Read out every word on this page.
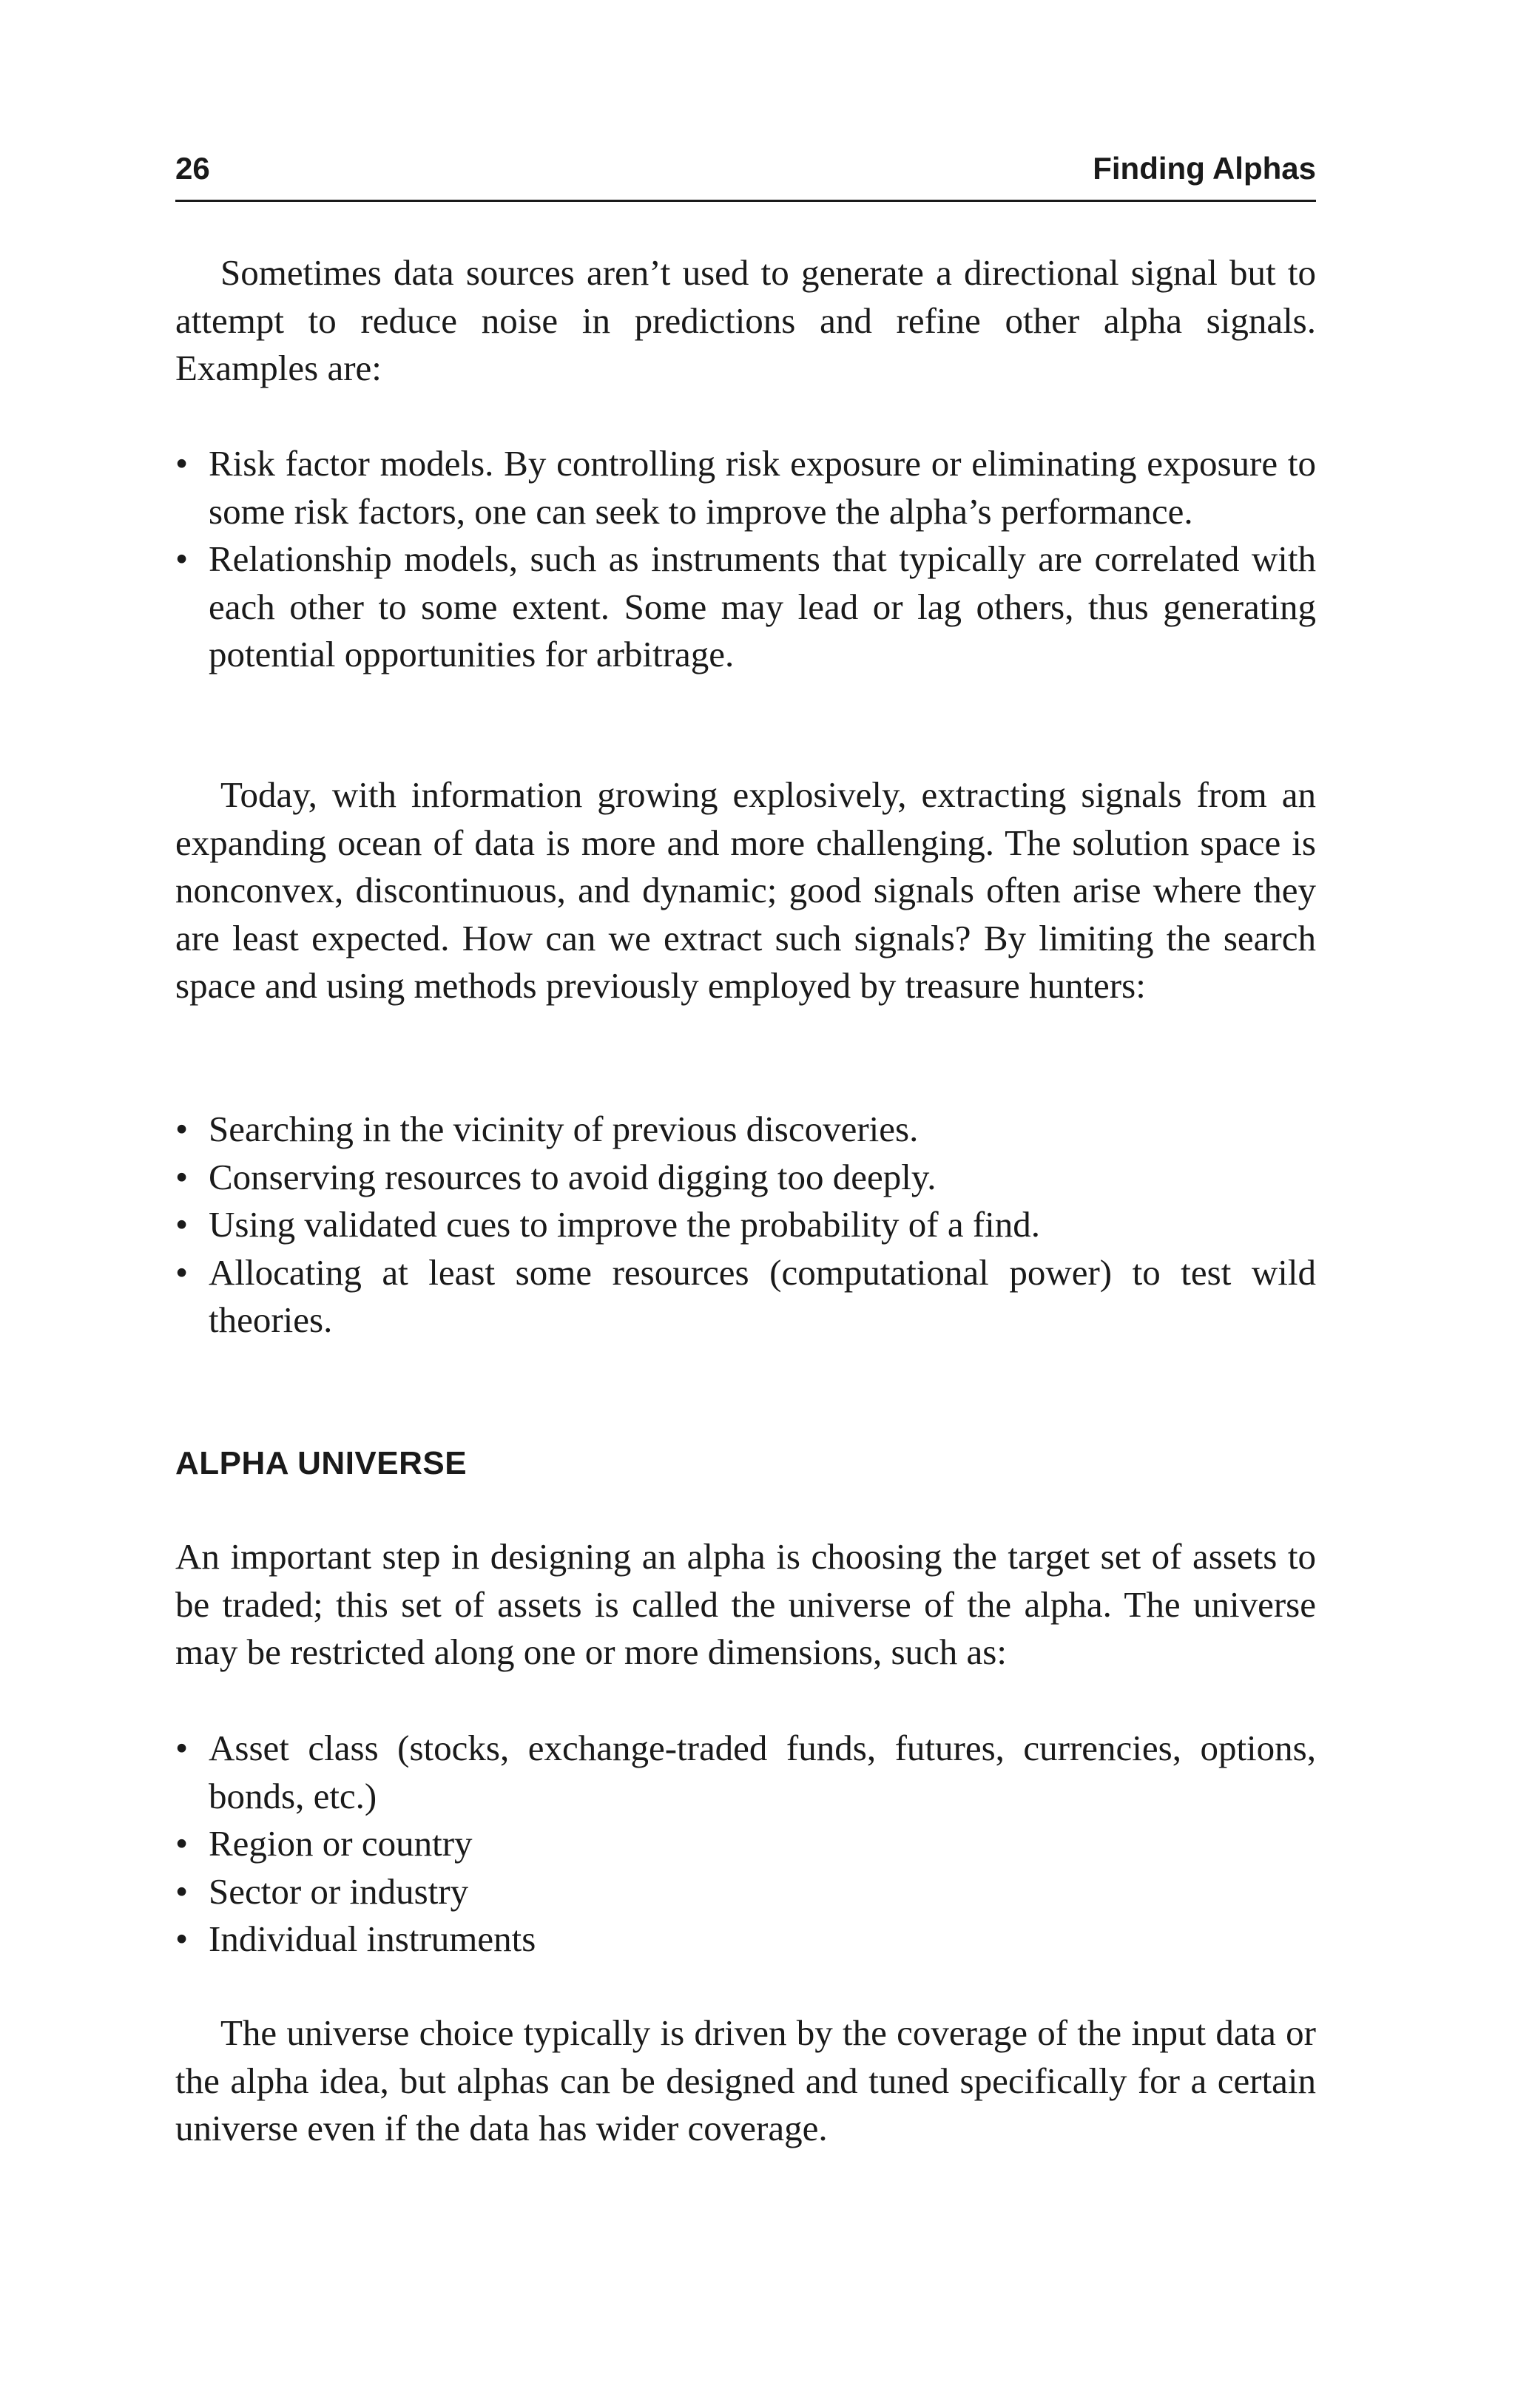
26	Finding Alphas

Sometimes data sources aren’t used to generate a directional signal but to attempt to reduce noise in predictions and refine other alpha signals. Examples are:

• Risk factor models. By controlling risk exposure or eliminating exposure to some risk factors, one can seek to improve the alpha’s performance.
• Relationship models, such as instruments that typically are correlated with each other to some extent. Some may lead or lag others, thus generating potential opportunities for arbitrage.

Today, with information growing explosively, extracting signals from an expanding ocean of data is more and more challenging. The solution space is nonconvex, discontinuous, and dynamic; good signals often arise where they are least expected. How can we extract such signals? By limiting the search space and using methods previously employed by treasure hunters:

• Searching in the vicinity of previous discoveries.
• Conserving resources to avoid digging too deeply.
• Using validated cues to improve the probability of a find.
• Allocating at least some resources (computational power) to test wild theories.
ALPHA UNIVERSE

An important step in designing an alpha is choosing the target set of assets to be traded; this set of assets is called the universe of the alpha. The universe may be restricted along one or more dimensions, such as:

• Asset class (stocks, exchange-traded funds, futures, currencies, options, bonds, etc.)
• Region or country
• Sector or industry
• Individual instruments

The universe choice typically is driven by the coverage of the input data or the alpha idea, but alphas can be designed and tuned specifically for a certain universe even if the data has wider coverage.
